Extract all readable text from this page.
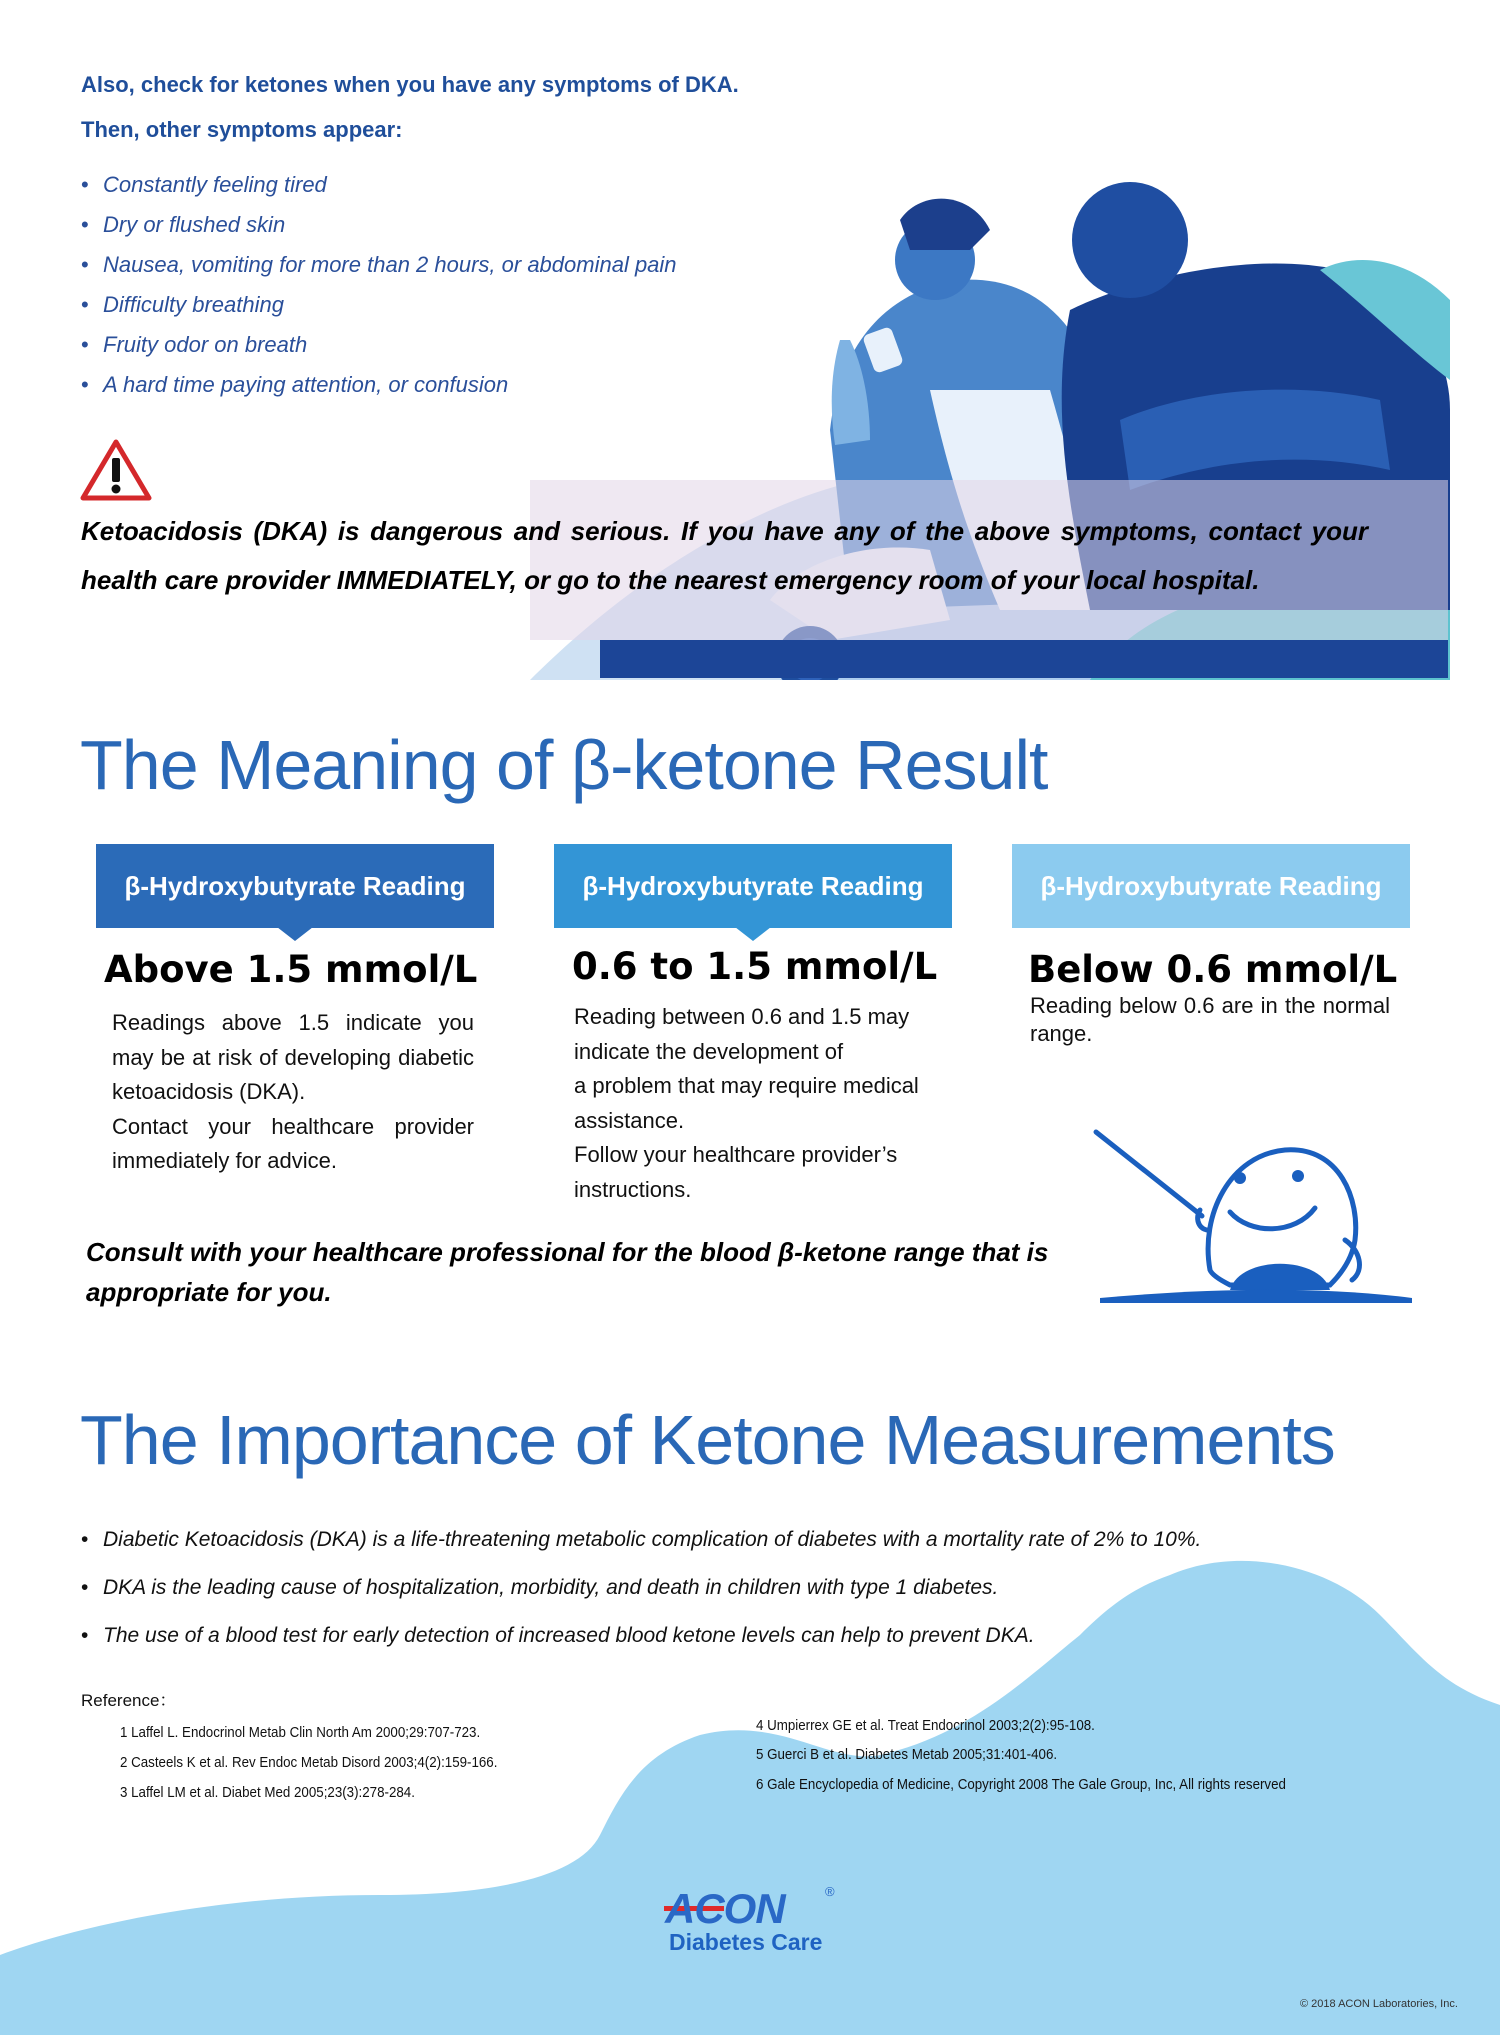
Also, check for ketones when you have any symptoms of DKA.
Then, other symptoms appear:
• Constantly feeling tired
• Dry or flushed skin
• Nausea, vomiting for more than 2 hours, or abdominal pain
• Difficulty breathing
• Fruity odor on breath
• A hard time paying attention, or confusion
Ketoacidosis (DKA) is dangerous and serious. If you have any of the above symptoms, contact your health care provider IMMEDIATELY, or go to the nearest emergency room of your local hospital.
The Meaning of β-ketone Result
β-Hydroxybutyrate Reading
Above 1.5 mmol/L
Readings above 1.5 indicate you may be at risk of developing diabetic ketoacidosis (DKA).
Contact your healthcare provider immediately for advice.
β-Hydroxybutyrate Reading
0.6 to 1.5 mmol/L
Reading between 0.6 and 1.5 may
indicate the development of
a problem that may require medical assistance.
Follow your healthcare provider’s instructions.
β-Hydroxybutyrate Reading
Below 0.6 mmol/L
Reading below 0.6 are in the normal range.
Consult with your healthcare professional for the blood β-ketone range that is appropriate for you.
The Importance of Ketone Measurements
• Diabetic Ketoacidosis (DKA) is a life-threatening metabolic complication of diabetes with a mortality rate of 2% to 10%.
• DKA is the leading cause of hospitalization, morbidity, and death in children with type 1 diabetes.
• The use of a blood test for early detection of increased blood ketone levels can help to prevent DKA.
Reference：
1 Laffel L. Endocrinol Metab Clin North Am 2000;29:707-723.
2 Casteels K et al. Rev Endoc Metab Disord 2003;4(2):159-166.
3 Laffel LM et al. Diabet Med 2005;23(3):278-284.
4 Umpierrex GE et al. Treat Endocrinol 2003;2(2):95-108.
5 Guerci B et al. Diabetes Metab 2005;31:401-406.
6 Gale Encyclopedia of Medicine, Copyright 2008 The Gale Group, Inc, All rights reserved
ACON	®
Diabetes Care
© 2018 ACON Laboratories, Inc.
